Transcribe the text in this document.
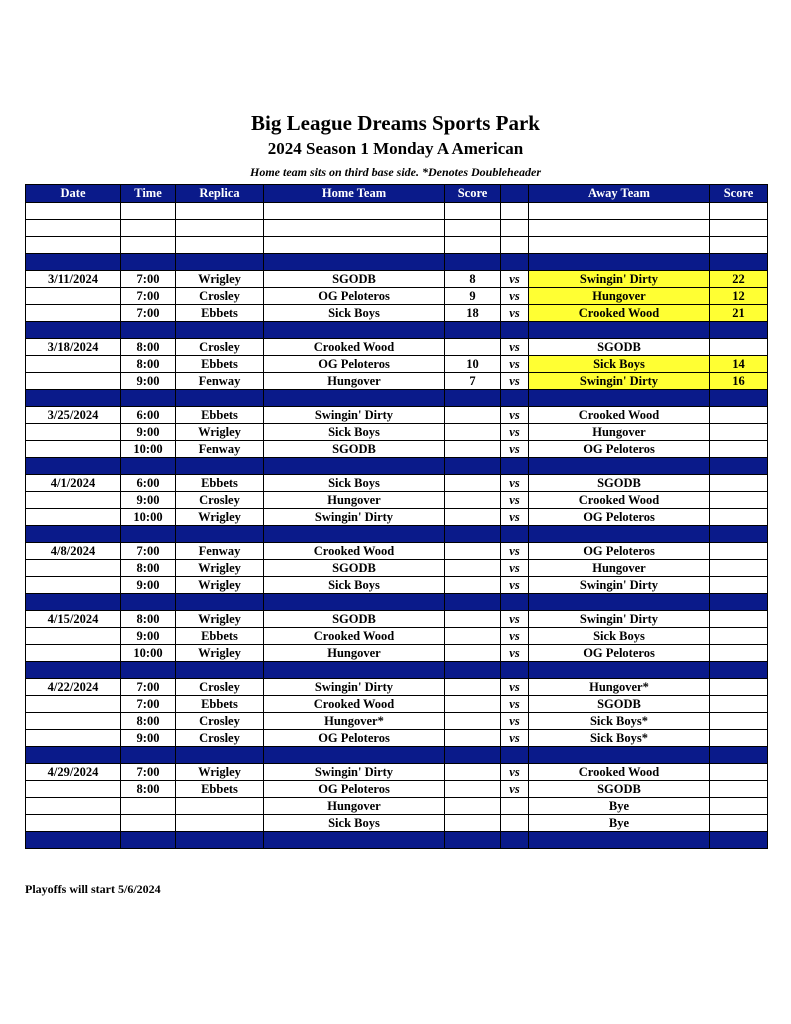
Big League Dreams Sports Park
2024 Season 1 Monday A American
Home team sits on third base side. *Denotes Doubleheader
Date	Time	Replica	Home Team	Score		Away Team	Score

3/11/2024	7:00	Wrigley	SGODB	8	vs	Swingin' Dirty	22
	7:00	Crosley	OG Peloteros	9	vs	Hungover	12
	7:00	Ebbets	Sick Boys	18	vs	Crooked Wood	21

3/18/2024	8:00	Crosley	Crooked Wood		vs	SGODB	
	8:00	Ebbets	OG Peloteros	10	vs	Sick Boys	14
	9:00	Fenway	Hungover	7	vs	Swingin' Dirty	16

3/25/2024	6:00	Ebbets	Swingin' Dirty		vs	Crooked Wood	
	9:00	Wrigley	Sick Boys		vs	Hungover	
	10:00	Fenway	SGODB		vs	OG Peloteros	

4/1/2024	6:00	Ebbets	Sick Boys		vs	SGODB	
	9:00	Crosley	Hungover		vs	Crooked Wood	
	10:00	Wrigley	Swingin' Dirty		vs	OG Peloteros	

4/8/2024	7:00	Fenway	Crooked Wood		vs	OG Peloteros	
	8:00	Wrigley	SGODB		vs	Hungover	
	9:00	Wrigley	Sick Boys		vs	Swingin' Dirty	

4/15/2024	8:00	Wrigley	SGODB		vs	Swingin' Dirty	
	9:00	Ebbets	Crooked Wood		vs	Sick Boys	
	10:00	Wrigley	Hungover		vs	OG Peloteros	

4/22/2024	7:00	Crosley	Swingin' Dirty		vs	Hungover*	
	7:00	Ebbets	Crooked Wood		vs	SGODB	
	8:00	Crosley	Hungover*		vs	Sick Boys*	
	9:00	Crosley	OG Peloteros		vs	Sick Boys*	

4/29/2024	7:00	Wrigley	Swingin' Dirty		vs	Crooked Wood	
	8:00	Ebbets	OG Peloteros		vs	SGODB	
			Hungover			Bye	
			Sick Boys			Bye	

Playoffs will start 5/6/2024
